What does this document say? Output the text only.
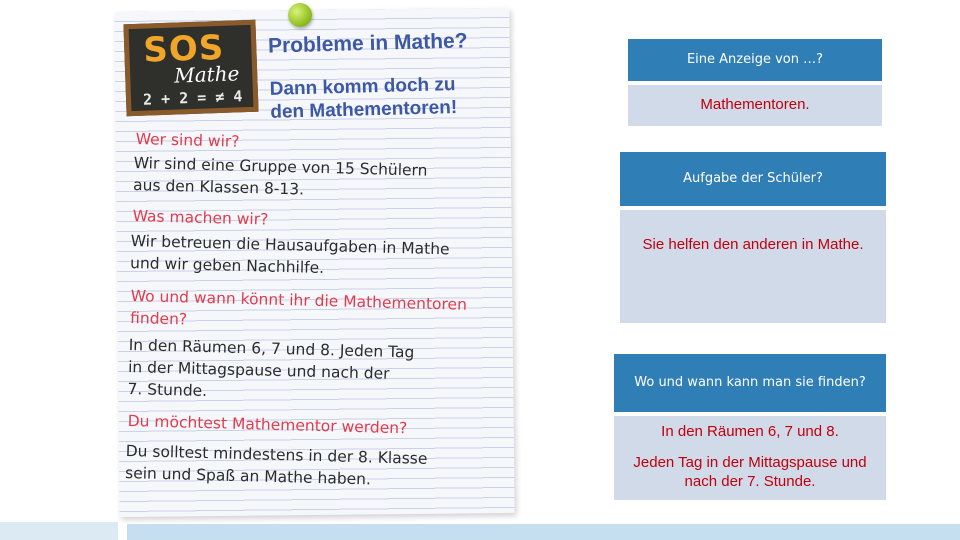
SOS
Mathe
2 + 2 = ≠ 4
Probleme in Mathe?
Dann komm doch zu den Mathementoren!
Wer sind wir?
Wir sind eine Gruppe von 15 Schülern
aus den Klassen 8-13.
Was machen wir?
Wir betreuen die Hausaufgaben in Mathe
und wir geben Nachhilfe.
Wo und wann könnt ihr die Mathementoren
finden?
In den Räumen 6, 7 und 8. Jeden Tag
in der Mittagspause und nach der
7. Stunde.
Du möchtest Mathementor werden?
Du solltest mindestens in der 8. Klasse
sein und Spaß an Mathe haben.
Eine Anzeige von …?
Mathementoren.
Aufgabe der Schüler?
Sie helfen den anderen in Mathe.
Wo und wann kann man sie finden?
In den Räumen 6, 7 und 8.
Jeden Tag in der Mittagspause und nach der 7. Stunde.
